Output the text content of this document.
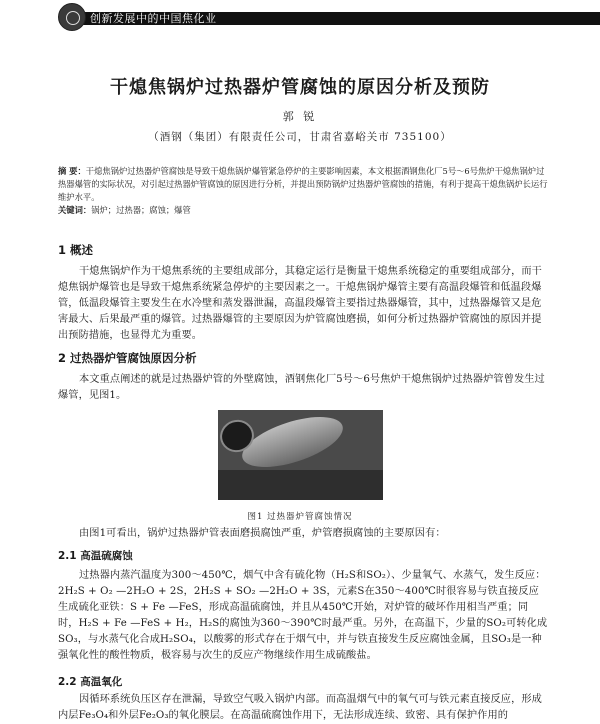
创新发展中的中国焦化业
干熄焦锅炉过热器炉管腐蚀的原因分析及预防
郭 锐
（酒钢（集团）有限责任公司，甘肃省嘉峪关市 735100）
摘 要：干熄焦锅炉过热器炉管腐蚀是导致干熄焦锅炉爆管紧急停炉的主要影响因素，本文根据酒钢焦化厂5号～6号焦炉干熄焦锅炉过热器爆管的实际状况，对引起过热器炉管腐蚀的原因进行分析，并提出预防锅炉过热器炉管腐蚀的措施，有利于提高干熄焦锅炉长运行维护水平。
关键词：锅炉；过热器；腐蚀；爆管
1 概述
干熄焦锅炉作为干熄焦系统的主要组成部分，其稳定运行是衡量干熄焦系统稳定的重要组成部分，而干熄焦锅炉爆管也是导致干熄焦系统紧急停炉的主要因素之一。干熄焦锅炉爆管主要有高温段爆管和低温段爆管，低温段爆管主要发生在水冷壁和蒸发器泄漏，高温段爆管主要指过热器爆管，其中，过热器爆管又是危害最大、后果最严重的爆管。过热器爆管的主要原因为炉管腐蚀磨损，如何分析过热器炉管腐蚀的原因并提出预防措施，也显得尤为重要。
2 过热器炉管腐蚀原因分析
本文重点阐述的就是过热器炉管的外壁腐蚀，酒钢焦化厂5号～6号焦炉干熄焦锅炉过热器炉管曾发生过爆管，见图1。
图1 过热器炉管腐蚀情况
由图1可看出，锅炉过热器炉管表面磨损腐蚀严重，炉管磨损腐蚀的主要原因有：
2.1 高温硫腐蚀
过热器内蒸汽温度为300～450℃，烟气中含有硫化物（H₂S和SO₂）、少量氧气、水蒸气，发生反应：2H₂S + O₂ —2H₂O + 2S，2H₂S + SO₂ —2H₂O + 3S，元素S在350～400℃时很容易与铁直接反应生成硫化亚铁：S + Fe —FeS，形成高温硫腐蚀，并且从450℃开始，对炉管的破坏作用相当严重；同时，H₂S + Fe —FeS + H₂，H₂S的腐蚀为360～390℃时最严重。另外，在高温下，少量的SO₂可转化成SO₃，与水蒸气化合成H₂SO₄，以酸雾的形式存在于烟气中，并与铁直接发生反应腐蚀金属，且SO₃是一种强氧化性的酸性物质，极容易与次生的反应产物继续作用生成硫酸盐。
2.2 高温氧化
因循环系统负压区存在泄漏，导致空气吸入锅炉内部。而高温烟气中的氧气可与铁元素直接反应，形成内层Fe₃O₄和外层Fe₂O₃的氧化膜层。在高温硫腐蚀作用下，无法形成连续、致密、具有保护作用的
